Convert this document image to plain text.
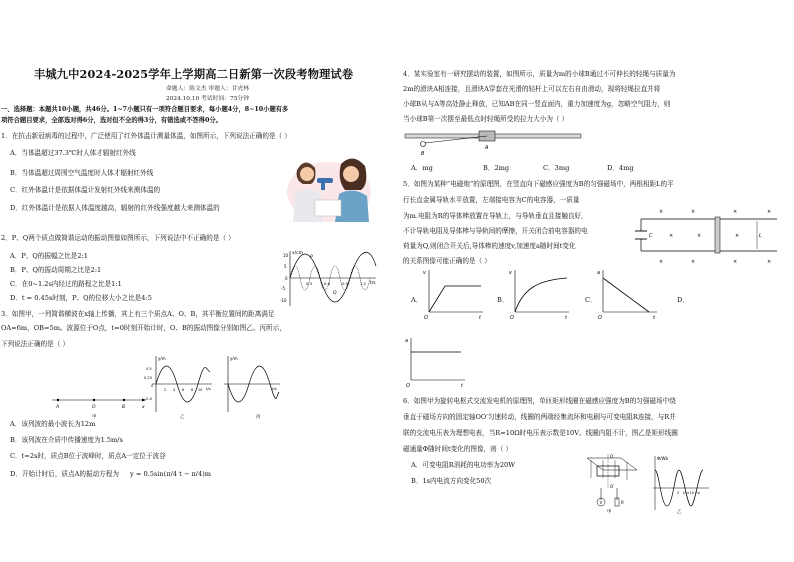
丰城九中2024-2025学年上学期高二日新第一次段考物理试卷
命题人：陈文杰 审题人：甘虎林
2024.10.10 考试时间：75分钟
一、选择题：本题共10小题，共46分。1~7小题只有一项符合题目要求，每小题4分，8~10小题有多
项符合题目要求，全部选对得6分，选对但不全的得3分，有错选或不答得0分。
1．在抗击新冠病毒的过程中，广泛使用了红外体温计测量体温，如图所示，下列说法正确的是（ ）
A．当体温超过37.3℃时人体才辐射红外线
B．当体温超过周围空气温度时人体才辐射红外线
C．红外体温计是依据体温计发射红外线来测体温的
D．红外体温计是依据人体温度越高，辐射的红外线强度越大来测体温的
2．P、Q两个质点做简谐运动的振动图像如图所示，下列说法中不正确的是（ ）
A．P、Q的振幅之比是2:1
B．P、Q的振动周期之比是2:1
C．在0~1.2s内经过的路程之比是1:1
D．t = 0.45s时刻，P、Q的位移大小之比是4:5
x/cm
t/s
10
5
0
-5
-10
0.3	0.6	0.9	1.2
P
Q
3．如图甲，一列简谐横波在x轴上传播，其上有三个质点A、O、B，其平衡位置间的距离满足
OA=6m，OB=5m。波源位于O点，t=0时刻开始计时，O、B的振动图像分别如图乙、丙所示，
下列说法正确的是（ ）
A	O	B	x
甲
y/m
t/s
0.5
0.25
0
-0.5
2 4 6 8 10
乙
y/m
t/s
丙
A．该列波的最小波长为12m
B．该列波在介质中传播速度为1.5m/s
C．t=2s时，质点B位于波峰时，质点A一定位于波谷
D．开始计时后，质点A的振动方程为 y = 0.5sin(π/4 t − π/4)m
4．某实验室有一研究摆动的装置，如图所示，质量为m的小球B通过不可伸长的轻绳与质量为
2m的滑块A相连接，且滑块A穿套在光滑的轻杆上可以左右自由滑动，现将轻绳拉直并将
小球B从与A等高处静止释放，已知AB在同一竖直面内，重力加速度为g，忽略空气阻力，则
当小球B第一次摆至最低点时轻绳所受的拉力大小为（ ）
B
A
A．mg	B．2mg	C．3mg	D．4mg
5．如图为某种“电磁炮”的原理图，在竖直向下磁感应强度为B的匀强磁场中，两根相距L的平
行长直金属导轨水平放置，左端接电容为C的电容器，一质量
为m.电阻为R的导体棒放置在导轨上，与导轨垂直且接触良好,
不计导轨电阻及导体棒与导轨间的摩擦，开关闭合前电容器的电
荷量为Q,则闭合开关后,导体棒的速度v,加速度a随时间t变化
的关系图像可能正确的是（ ）
C	L
×	×	×	×
×	×	×
×	×	×	×
A．
v
t
O
B．
v
t
O
C．
a
t
O
D．
a
t
O
6．如图甲为旋转电枢式交流发电机的原理图，单匝矩形线圈在磁感应强度为B的匀强磁场中绕
垂直于磁场方向的固定轴OO′匀速转动，线圈的两端经集流环和电刷与可变电阻R连接，与R并
联的交流电压表为理想电表，当R=10Ω时电压表示数是10V。线圈内阻不计，图乙是矩形线圈
磁通量Φ随时间t变化的图像，则（ ）
A．可变电阻R消耗的电功率为20W
B．1s内电流方向变化50次
O
O′
V	R
甲
Φ/Wb
t/(×10⁻²s)
2
乙
